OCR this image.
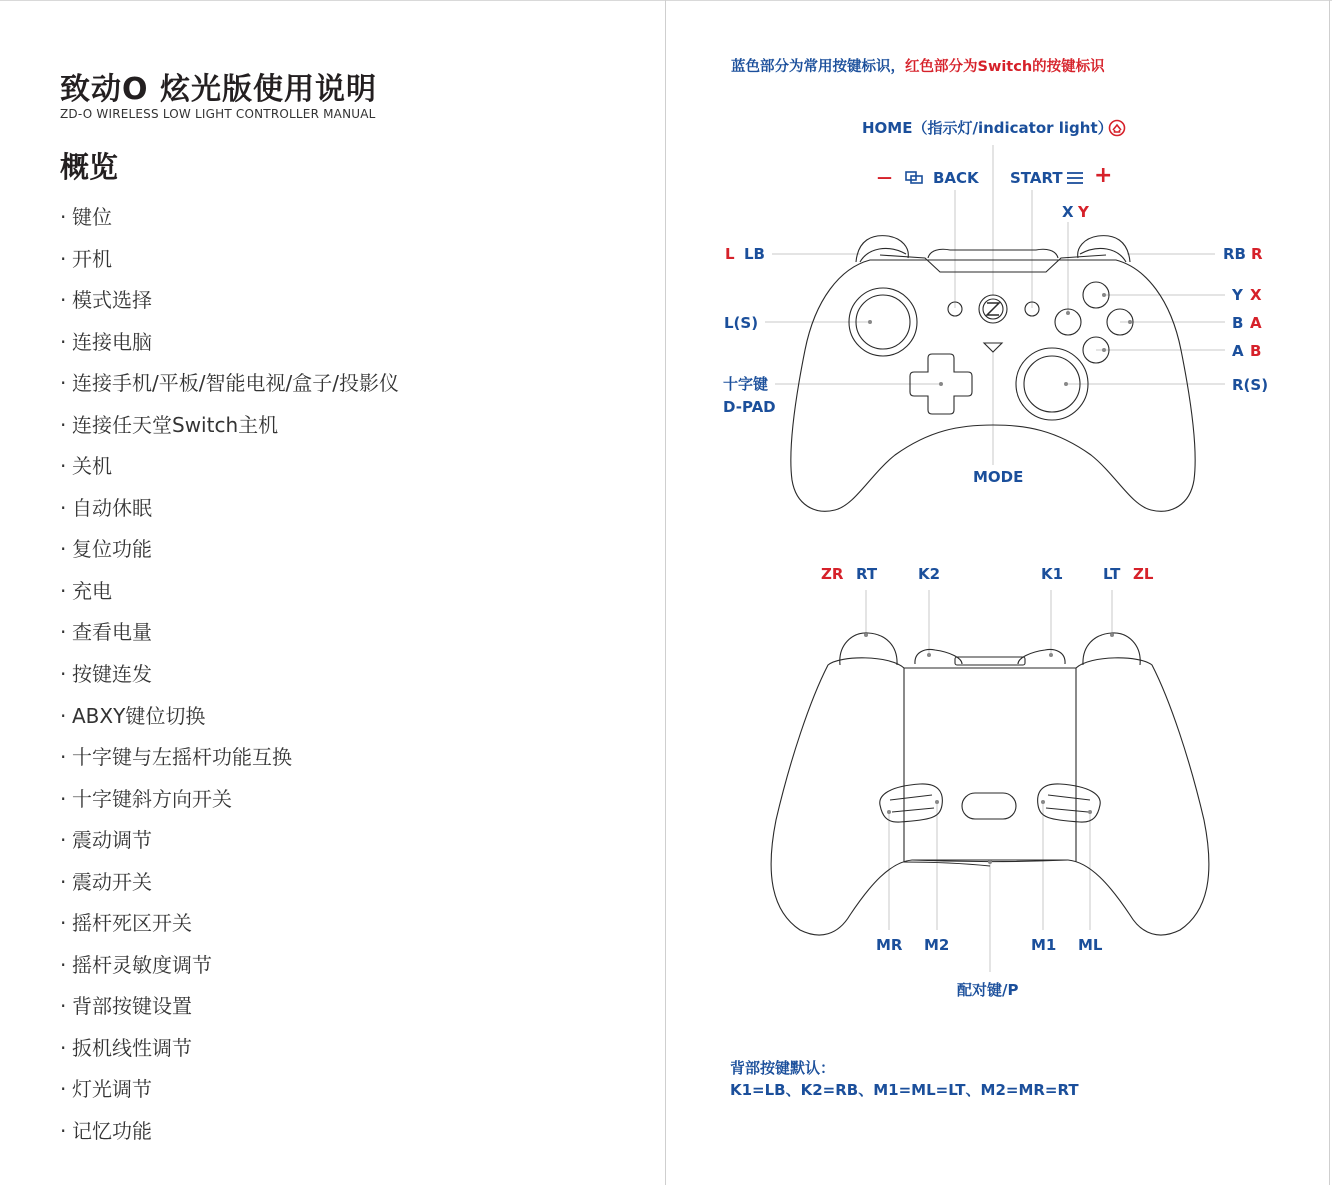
致动O 炫光版使用说明
ZD-O WIRELESS LOW LIGHT CONTROLLER MANUAL
概览
· 键位
· 开机
· 模式选择
· 连接电脑
· 连接手机/平板/智能电视/盒子/投影仪
· 连接任天堂Switch主机
· 关机
· 自动休眠
· 复位功能
· 充电
· 查看电量
· 按键连发
· ABXY键位切换
· 十字键与左摇杆功能互换
· 十字键斜方向开关
· 震动调节
· 震动开关
· 摇杆死区开关
· 摇杆灵敏度调节
· 背部按键设置
· 扳机线性调节
· 灯光调节
· 记忆功能
蓝色部分为常用按键标识，红色部分为Switch的按键标识
HOME（指示灯/indicator light）
—	BACK START +
X Y
L LB	RB R
L(S)
Y X
B A
A B
十字键
D-PAD
R(S)
MODE
ZR RT	K2	K1	LT ZL
MR M2	M1 ML
配对键/P
背部按键默认：
K1=LB、K2=RB、M1=ML=LT、M2=MR=RT
